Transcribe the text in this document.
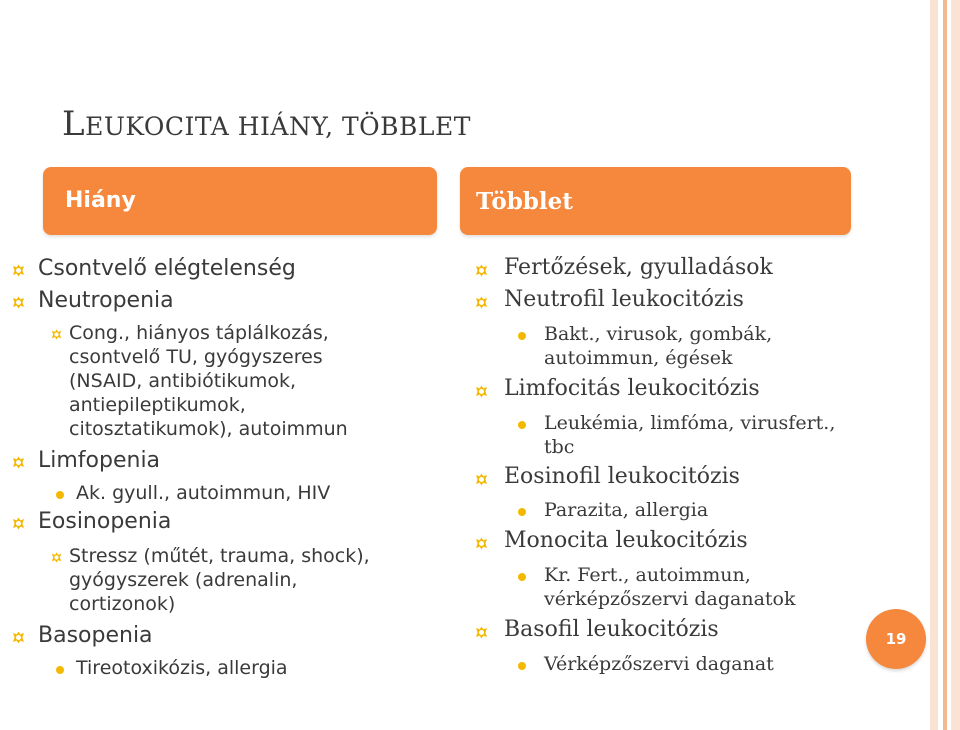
LEUKOCITA HIÁNY, TÖBBLET
Hiány	Többlet
Csontvelő elégtelenség
Neutropenia
Cong., hiányos táplálkozás,
csontvelő TU, gyógyszeres
(NSAID, antibiótikumok,
antiepileptikumok,
citosztatikumok), autoimmun
Limfopenia
Ak. gyull., autoimmun, HIV
Eosinopenia
Stressz (műtét, trauma, shock),
gyógyszerek (adrenalin,
cortizonok)
Basopenia
Tireotoxikózis, allergia
Fertőzések, gyulladások
Neutrofil leukocitózis
Bakt., virusok, gombák,
autoimmun, égések
Limfocitás leukocitózis
Leukémia, limfóma, virusfert.,
tbc
Eosinofil leukocitózis
Parazita, allergia
Monocita leukocitózis
Kr. Fert., autoimmun,
vérképzőszervi daganatok
Basofil leukocitózis
Vérképzőszervi daganat
19
